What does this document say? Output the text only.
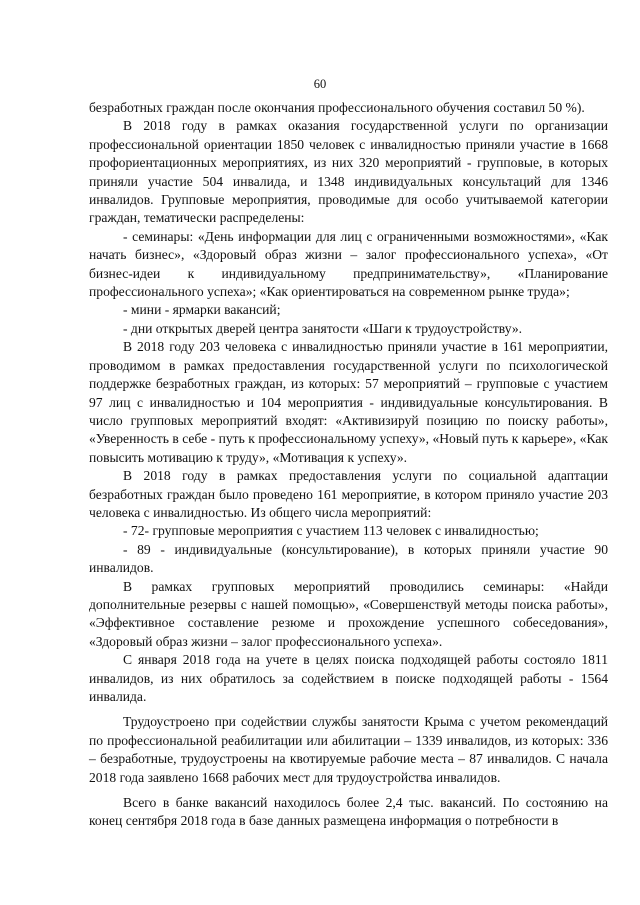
60

безработных граждан после окончания профессионального обучения составил 50 %).

В 2018 году в рамках оказания государственной услуги по организации профессиональной ориентации 1850 человек с инвалидностью приняли участие в 1668 профориентационных мероприятиях, из них 320 мероприятий - групповые, в которых приняли участие 504 инвалида, и 1348 индивидуальных консультаций для 1346 инвалидов. Групповые мероприятия, проводимые для особо учитываемой категории граждан, тематически распределены:

- семинары: «День информации для лиц с ограниченными возможностями», «Как начать бизнес», «Здоровый образ жизни – залог профессионального успеха», «От бизнес-идеи к индивидуальному предпринимательству», «Планирование профессионального успеха»; «Как ориентироваться на современном рынке труда»;

- мини - ярмарки вакансий;

- дни открытых дверей центра занятости «Шаги к трудоустройству».

В 2018 году 203 человека с инвалидностью приняли участие в 161 мероприятии, проводимом в рамках предоставления государственной услуги по психологической поддержке безработных граждан, из которых: 57 мероприятий – групповые с участием 97 лиц с инвалидностью и 104 мероприятия - индивидуальные консультирования. В число групповых мероприятий входят: «Активизируй позицию по поиску работы», «Уверенность в себе - путь к профессиональному успеху», «Новый путь к карьере», «Как повысить мотивацию к труду», «Мотивация к успеху».

В 2018 году в рамках предоставления услуги по социальной адаптации безработных граждан было проведено 161 мероприятие, в котором приняло участие 203 человека с инвалидностью. Из общего числа мероприятий:

- 72- групповые мероприятия с участием 113 человек с инвалидностью;

- 89 - индивидуальные (консультирование), в которых приняли участие 90 инвалидов.

В рамках групповых мероприятий проводились семинары: «Найди дополнительные резервы с нашей помощью», «Совершенствуй методы поиска работы», «Эффективное составление резюме и прохождение успешного собеседования», «Здоровый образ жизни – залог профессионального успеха».

С января 2018 года на учете в целях поиска подходящей работы состояло 1811 инвалидов, из них обратилось за содействием в поиске подходящей работы - 1564 инвалида.

Трудоустроено при содействии службы занятости Крыма с учетом рекомендаций по профессиональной реабилитации или абилитации – 1339 инвалидов, из которых: 336 – безработные, трудоустроены на квотируемые рабочие места – 87 инвалидов. С начала 2018 года заявлено 1668 рабочих мест для трудоустройства инвалидов.

Всего в банке вакансий находилось более 2,4 тыс. вакансий. По состоянию на конец сентября 2018 года в базе данных размещена информация о потребности в
